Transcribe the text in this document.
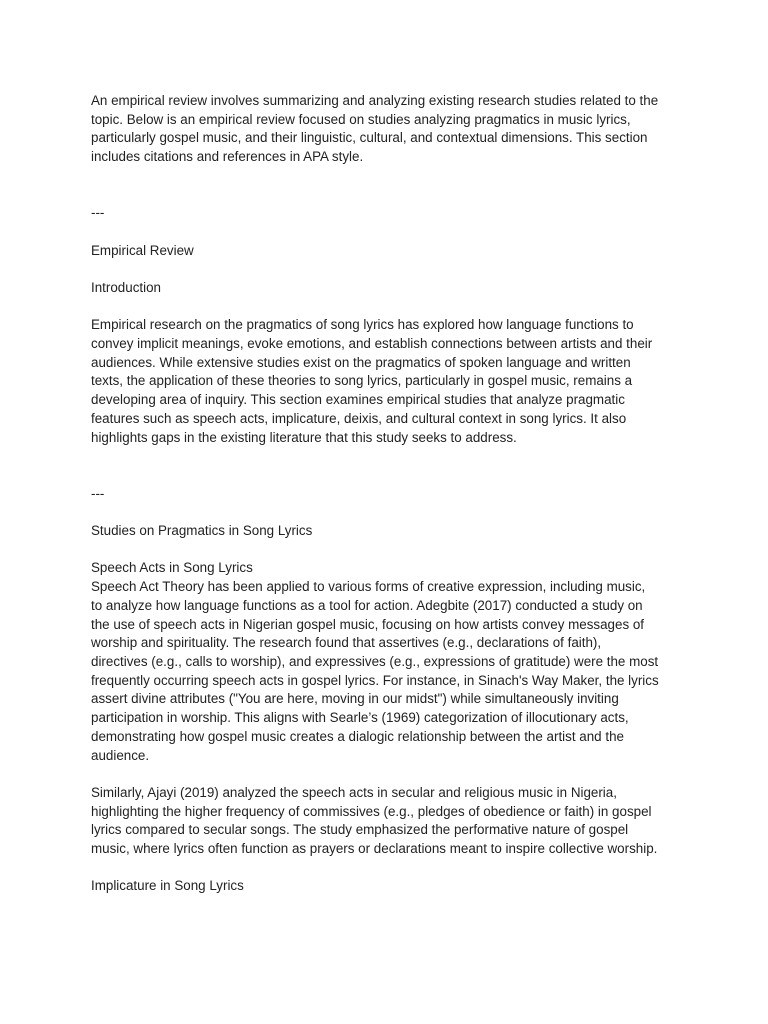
An empirical review involves summarizing and analyzing existing research studies related to the
topic. Below is an empirical review focused on studies analyzing pragmatics in music lyrics,
particularly gospel music, and their linguistic, cultural, and contextual dimensions. This section
includes citations and references in APA style.

---

Empirical Review

Introduction

Empirical research on the pragmatics of song lyrics has explored how language functions to
convey implicit meanings, evoke emotions, and establish connections between artists and their
audiences. While extensive studies exist on the pragmatics of spoken language and written
texts, the application of these theories to song lyrics, particularly in gospel music, remains a
developing area of inquiry. This section examines empirical studies that analyze pragmatic
features such as speech acts, implicature, deixis, and cultural context in song lyrics. It also
highlights gaps in the existing literature that this study seeks to address.

---

Studies on Pragmatics in Song Lyrics

Speech Acts in Song Lyrics
Speech Act Theory has been applied to various forms of creative expression, including music,
to analyze how language functions as a tool for action. Adegbite (2017) conducted a study on
the use of speech acts in Nigerian gospel music, focusing on how artists convey messages of
worship and spirituality. The research found that assertives (e.g., declarations of faith),
directives (e.g., calls to worship), and expressives (e.g., expressions of gratitude) were the most
frequently occurring speech acts in gospel lyrics. For instance, in Sinach's Way Maker, the lyrics
assert divine attributes ("You are here, moving in our midst") while simultaneously inviting
participation in worship. This aligns with Searle’s (1969) categorization of illocutionary acts,
demonstrating how gospel music creates a dialogic relationship between the artist and the
audience.

Similarly, Ajayi (2019) analyzed the speech acts in secular and religious music in Nigeria,
highlighting the higher frequency of commissives (e.g., pledges of obedience or faith) in gospel
lyrics compared to secular songs. The study emphasized the performative nature of gospel
music, where lyrics often function as prayers or declarations meant to inspire collective worship.

Implicature in Song Lyrics
